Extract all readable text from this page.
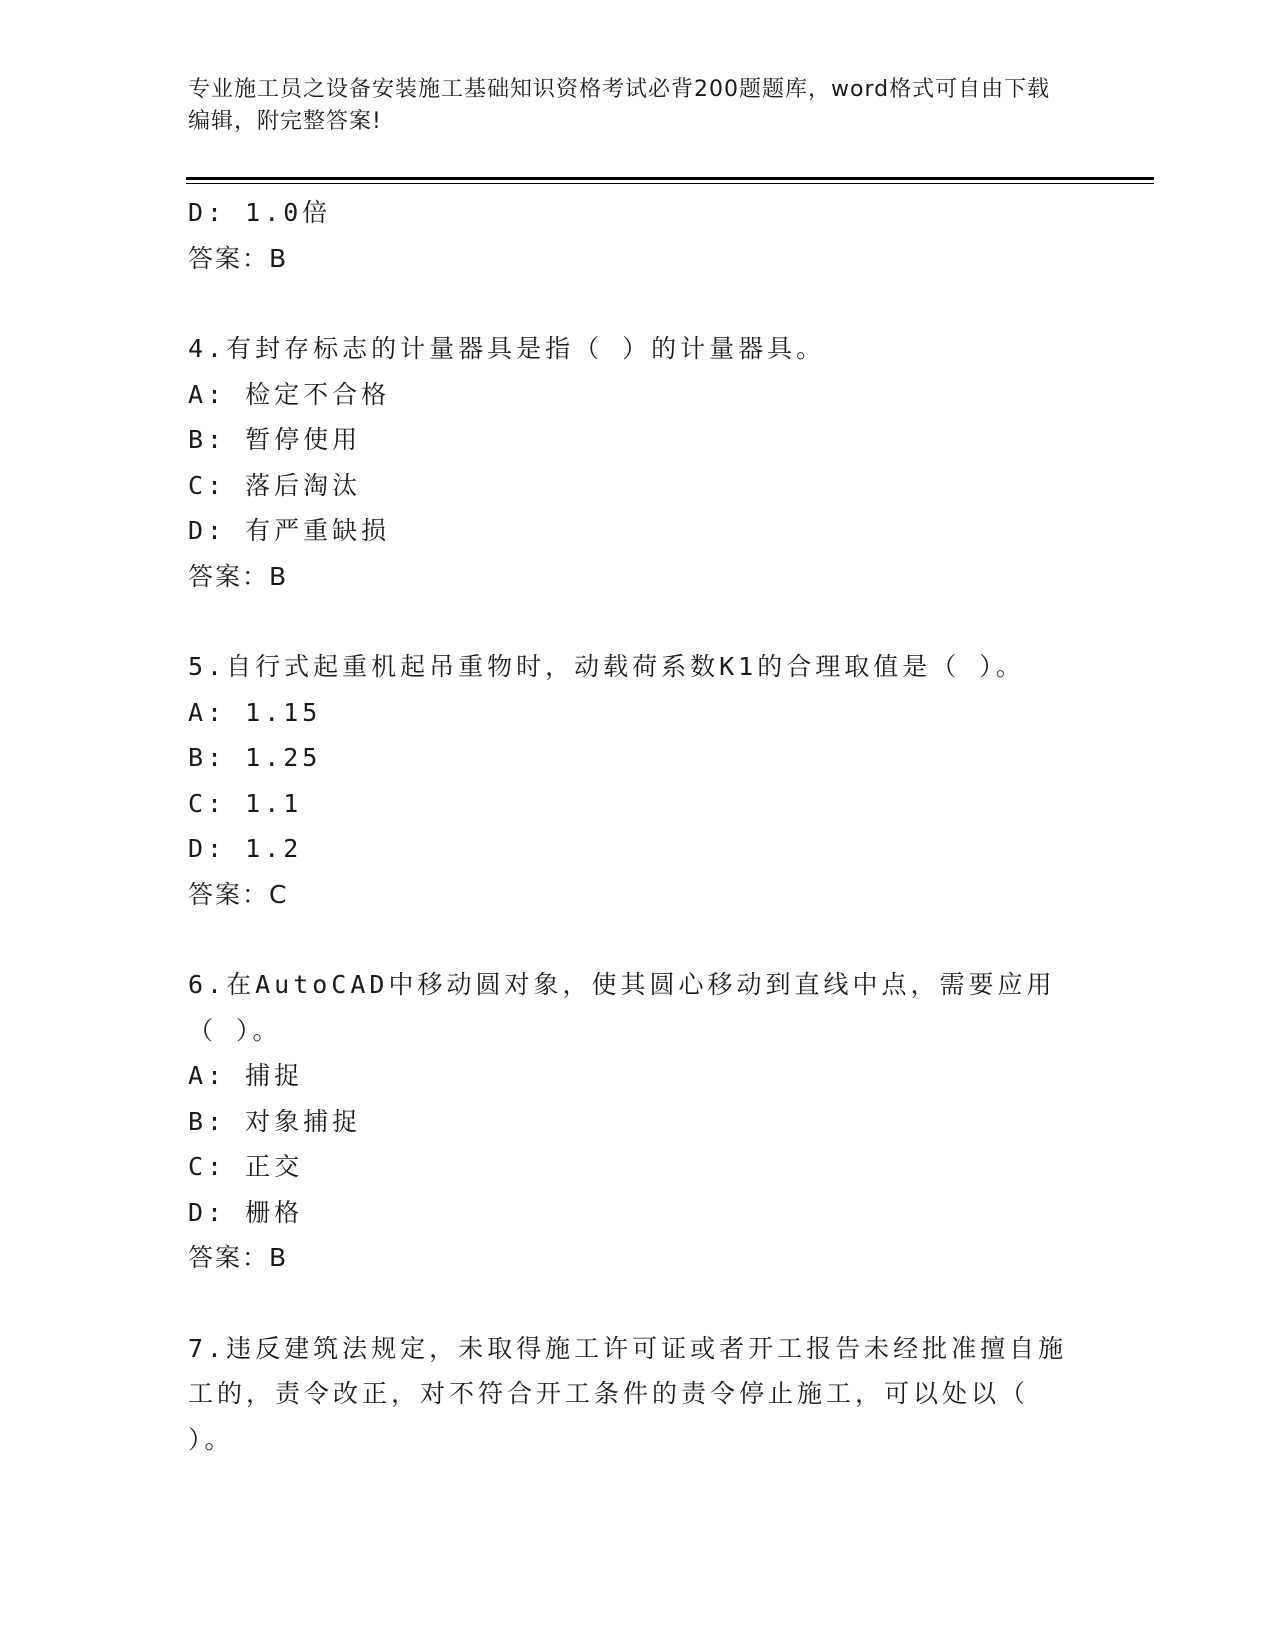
专业施工员之设备安装施工基础知识资格考试必背200题题库，word格式可自由下载编辑，附完整答案!
D: 1.0倍
答案：B
4.有封存标志的计量器具是指（ ）的计量器具。
A: 检定不合格
B: 暂停使用
C: 落后淘汰
D: 有严重缺损
答案：B
5.自行式起重机起吊重物时，动载荷系数K1的合理取值是（ ）。
A: 1.15
B: 1.25
C: 1.1
D: 1.2
答案：C
6.在AutoCAD中移动圆对象，使其圆心移动到直线中点，需要应用（ ）。
A: 捕捉
B: 对象捕捉
C: 正交
D: 栅格
答案：B
7.违反建筑法规定，未取得施工许可证或者开工报告未经批准擅自施工的，责令改正，对不符合开工条件的责令停止施工，可以处以（ ）。
